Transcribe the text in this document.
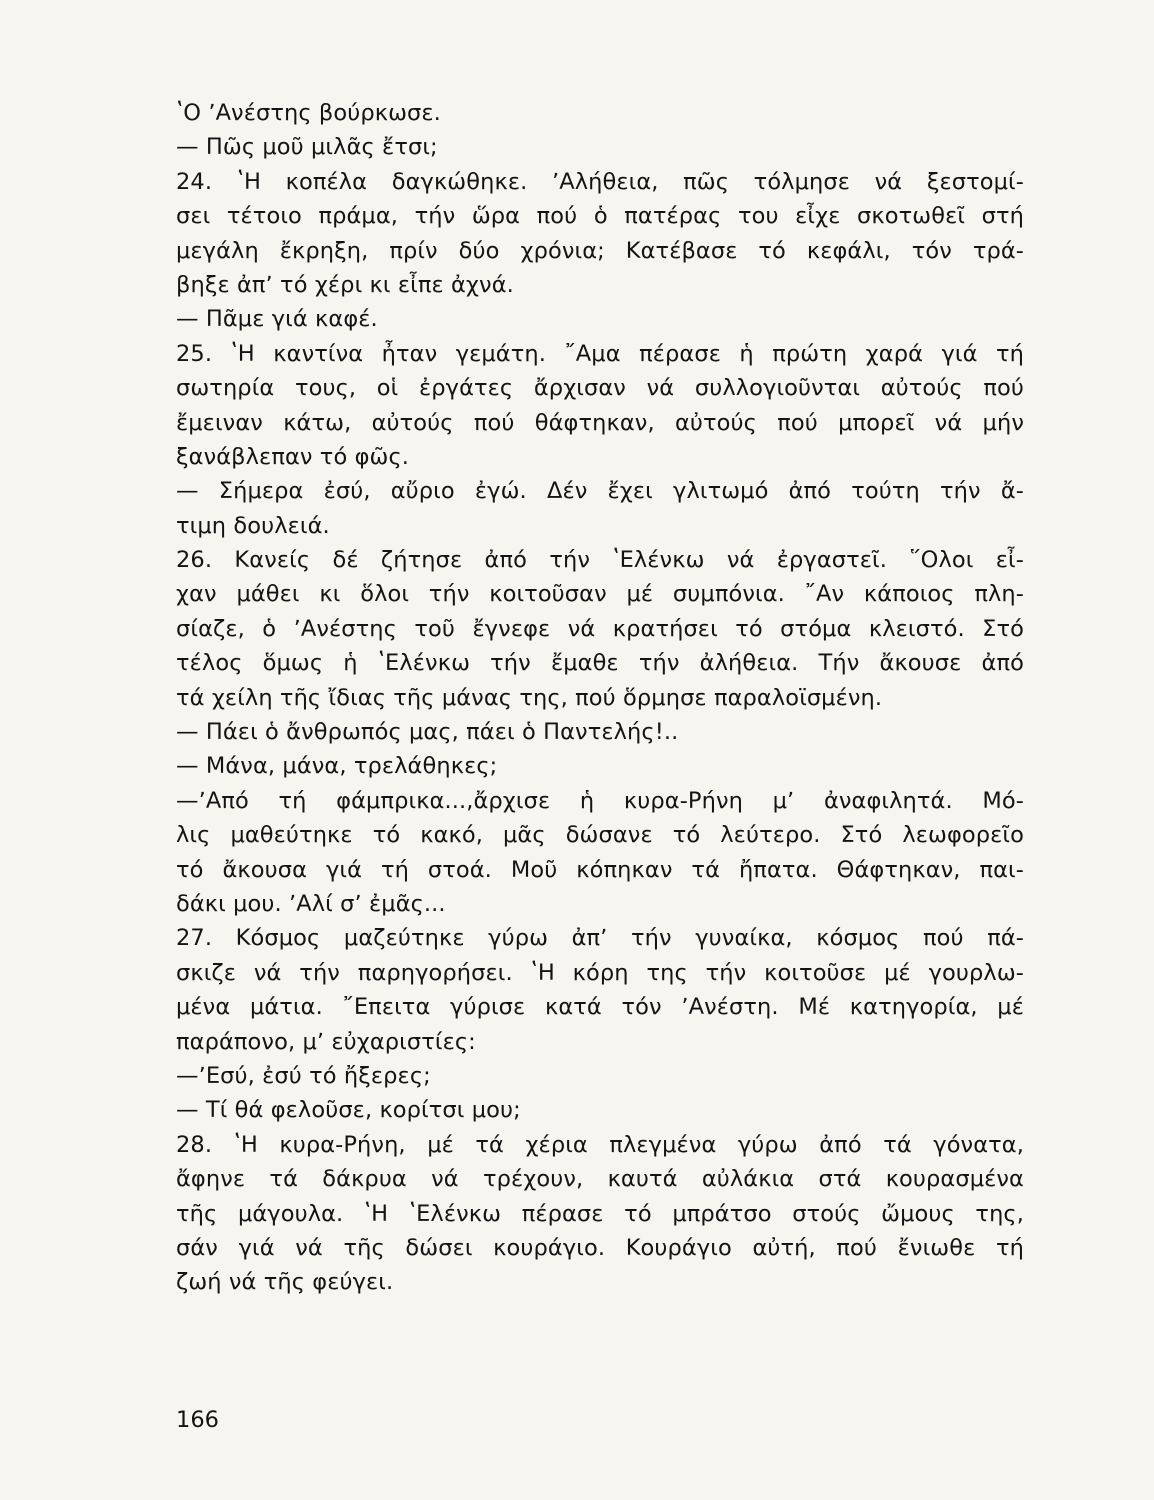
ʽΟ ʼΑνέστης βούρκωσε.
— Πῶς μοῦ μιλᾶς ἔτσι;
24. ʽΗ κοπέλα δαγκώθηκε. ʼΑλήθεια, πῶς τόλμησε νά ξεστομί-
σει τέτοιο πράμα, τήν ὥρα πού ὁ πατέρας του εἶχε σκοτωθεῖ στή
μεγάλη ἔκρηξη, πρίν δύο χρόνια; Κατέβασε τό κεφάλι, τόν τρά-
βηξε ἀπʼ τό χέρι κι εἶπε ἀχνά.
— Πᾶμε γιά καφέ.
25. ʽΗ καντίνα ἦταν γεμάτη. ῎Αμα πέρασε ἡ πρώτη χαρά γιά τή
σωτηρία τους, οἱ ἐργάτες ἄρχισαν νά συλλογιοῦνται αὐτούς πού
ἔμειναν κάτω, αὐτούς πού θάφτηκαν, αὐτούς πού μπορεῖ νά μήν
ξανάβλεπαν τό φῶς.
— Σήμερα ἐσύ, αὔριο ἐγώ. Δέν ἔχει γλιτωμό ἀπό τούτη τήν ἄ-
τιμη δουλειά.
26. Κανείς δέ ζήτησε ἀπό τήν ʽΕλένκω νά ἐργαστεῖ. ῞Ολοι εἶ-
χαν μάθει κι ὅλοι τήν κοιτοῦσαν μέ συμπόνια. ῎Αν κάποιος πλη-
σίαζε, ὁ ʼΑνέστης τοῦ ἔγνεφε νά κρατήσει τό στόμα κλειστό. Στό
τέλος ὅμως ἡ ʽΕλένκω τήν ἔμαθε τήν ἀλήθεια. Τήν ἄκουσε ἀπό
τά χείλη τῆς ἴδιας τῆς μάνας της, πού ὅρμησε παραλοϊσμένη.
— Πάει ὁ ἄνθρωπός μας, πάει ὁ Παντελής!..
— Μάνα, μάνα, τρελάθηκες;
—ʼΑπό τή φάμπρικα...,ἄρχισε ἡ κυρα-Ρήνη μʼ ἀναφιλητά. Μό-
λις μαθεύτηκε τό κακό, μᾶς δώσανε τό λεύτερο. Στό λεωφορεῖο
τό ἄκουσα γιά τή στοά. Μοῦ κόπηκαν τά ἤπατα. Θάφτηκαν, παι-
δάκι μου. ʼΑλί σʼ ἐμᾶς...
27. Κόσμος μαζεύτηκε γύρω ἀπʼ τήν γυναίκα, κόσμος πού πά-
σκιζε νά τήν παρηγορήσει. ʽΗ κόρη της τήν κοιτοῦσε μέ γουρλω-
μένα μάτια. ῎Επειτα γύρισε κατά τόν ʼΑνέστη. Μέ κατηγορία, μέ
παράπονο, μʼ εὐχαριστίες:
—ʼΕσύ, ἐσύ τό ἤξερες;
— Τί θά φελοῦσε, κορίτσι μου;
28. ʽΗ κυρα-Ρήνη, μέ τά χέρια πλεγμένα γύρω ἀπό τά γόνατα,
ἄφηνε τά δάκρυα νά τρέχουν, καυτά αὐλάκια στά κουρασμένα
τῆς μάγουλα. ʽΗ ʽΕλένκω πέρασε τό μπράτσο στούς ὤμους της,
σάν γιά νά τῆς δώσει κουράγιο. Κουράγιο αὐτή, πού ἔνιωθε τή
ζωή νά τῆς φεύγει.
166
